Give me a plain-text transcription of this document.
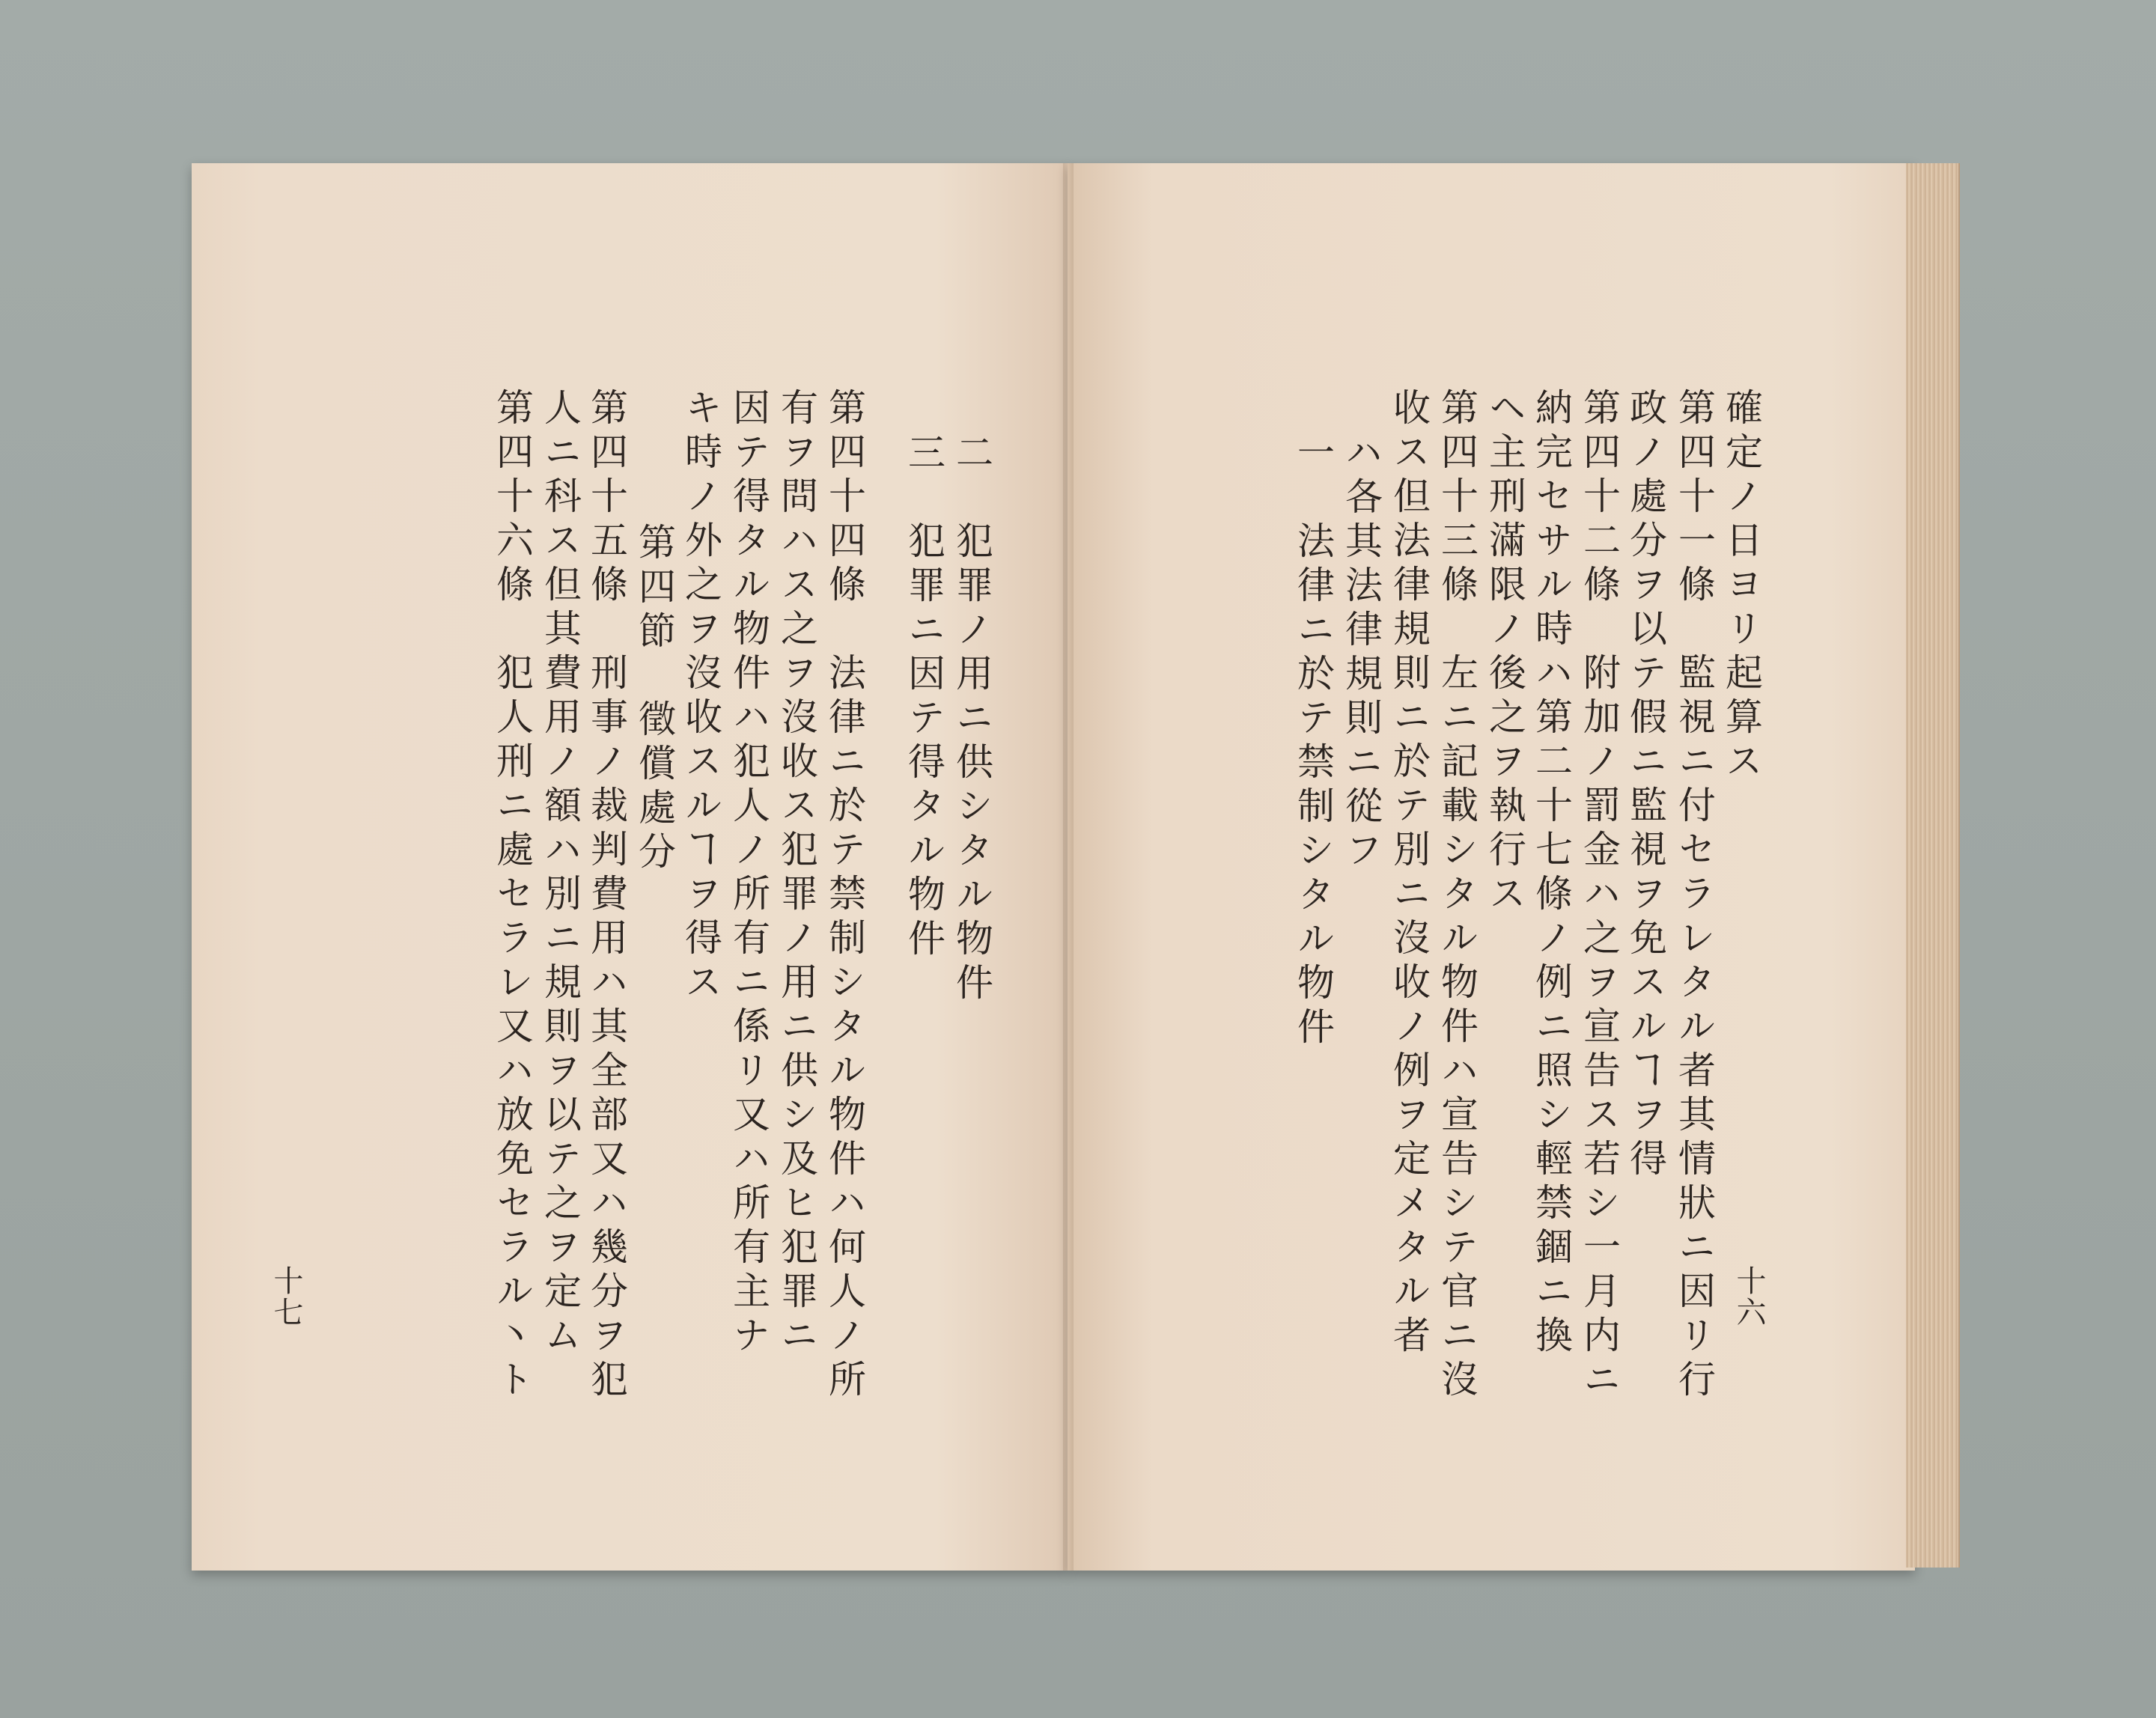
確定ノ日ヨリ起算ス
第四十一條　監視ニ付セラレタル者其情狀ニ因リ行
政ノ處分ヲ以テ假ニ監視ヲ免スルヿヲ得
第四十二條　附加ノ罰金ハ之ヲ宣告ス若シ一月内ニ
納完セサル時ハ第二十七條ノ例ニ照シ輕禁錮ニ換
ヘ主刑滿限ノ後之ヲ執行ス
第四十三條　左ニ記載シタル物件ハ宣告シテ官ニ沒
收ス但法律規則ニ於テ別ニ沒收ノ例ヲ定メタル者
ハ各其法律規則ニ從フ
一　法律ニ於テ禁制シタル物件
十六
二　犯罪ノ用ニ供シタル物件
三　犯罪ニ因テ得タル物件
第四十四條　法律ニ於テ禁制シタル物件ハ何人ノ所
有ヲ問ハス之ヲ沒收ス犯罪ノ用ニ供シ及ヒ犯罪ニ
因テ得タル物件ハ犯人ノ所有ニ係リ又ハ所有主ナ
キ時ノ外之ヲ沒收スルヿヲ得ス
第四節　徵償處分
第四十五條　刑事ノ裁判費用ハ其全部又ハ幾分ヲ犯
人ニ科ス但其費用ノ額ハ別ニ規則ヲ以テ之ヲ定ム
第四十六條　犯人刑ニ處セラレ又ハ放免セラル丶ト
十七
